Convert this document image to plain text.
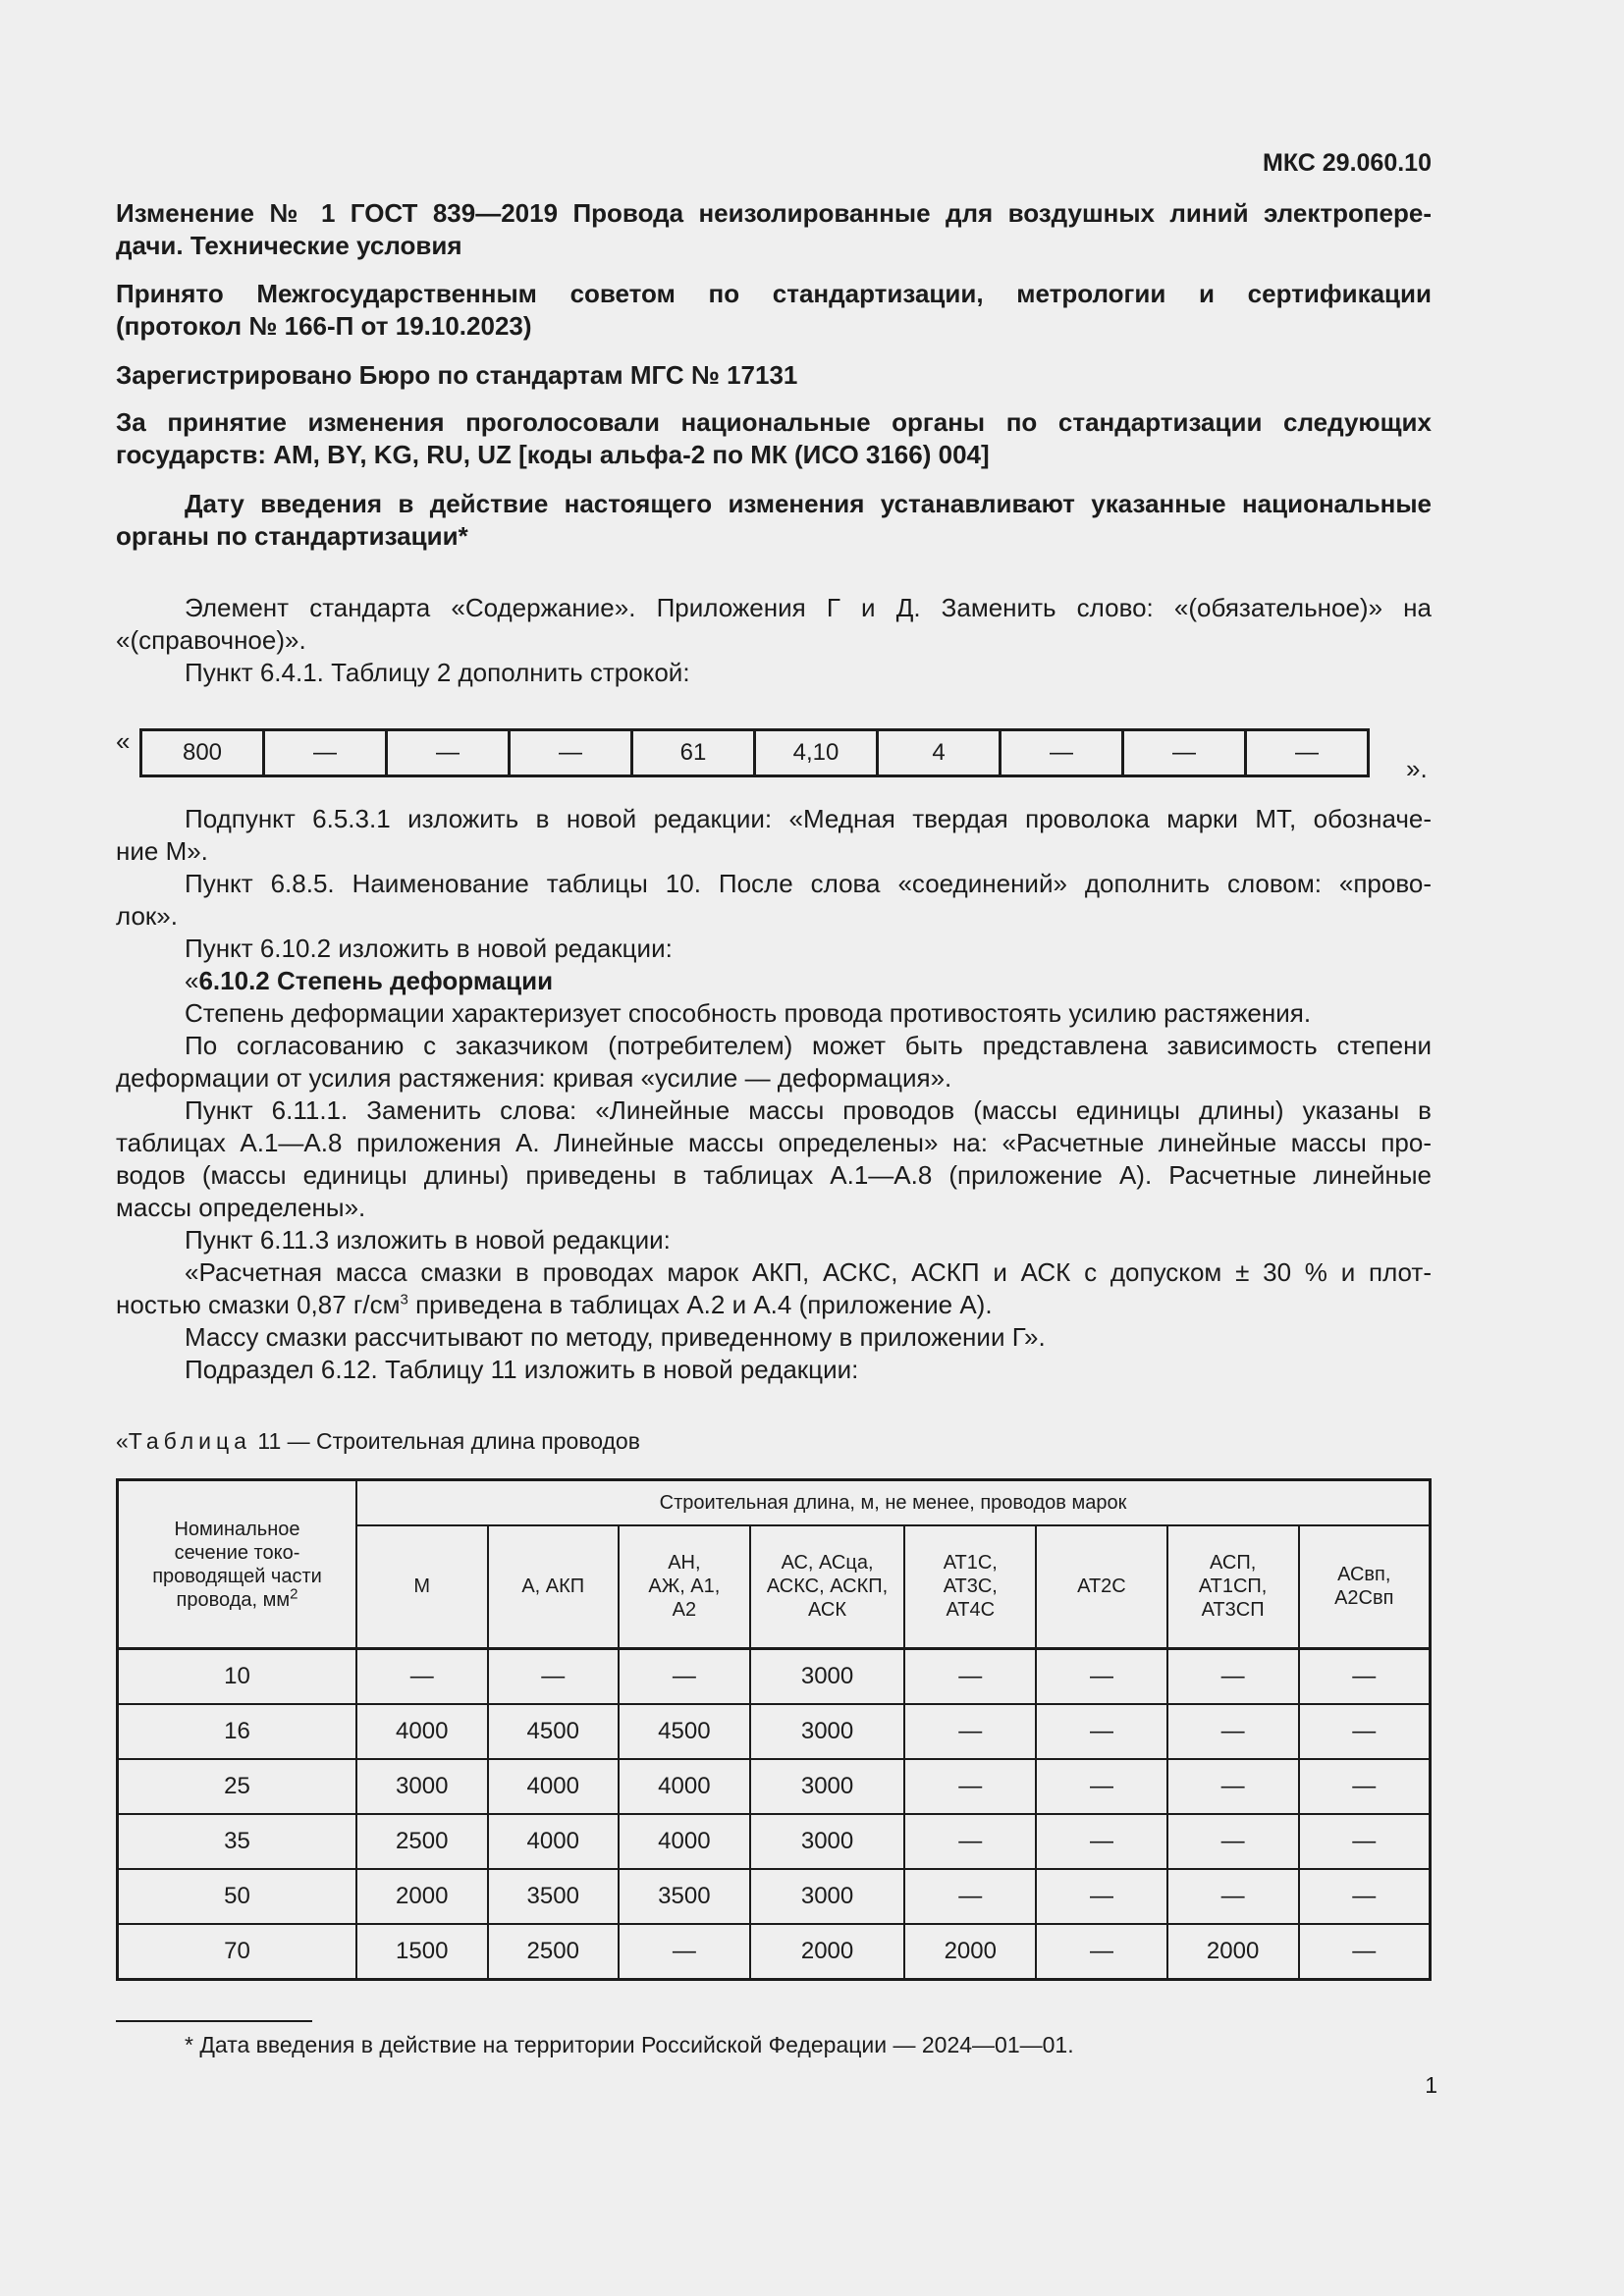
МКС 29.060.10
Изменение № 1 ГОСТ 839—2019 Провода неизолированные для воздушных линий электропере-
дачи. Технические условия
Принято Межгосударственным советом по стандартизации, метрологии и сертификации
(протокол № 166-П от 19.10.2023)
Зарегистрировано Бюро по стандартам МГС № 17131
За принятие изменения проголосовали национальные органы по стандартизации следующих
государств: AM, BY, KG, RU, UZ [коды альфа-2 по МК (ИСО 3166) 004]
Дату введения в действие настоящего изменения устанавливают указанные национальные
органы по стандартизации*

Элемент стандарта «Содержание». Приложения Г и Д. Заменить слово: «(обязательное)» на

«(справочное)».

Пункт 6.4.1. Таблицу 2 дополнить строкой:

« 800	—	—	—	61	4,10	4	—	—	—
».

Подпункт 6.5.3.1 изложить в новой редакции: «Медная твердая проволока марки МТ, обозначе-

ние М».

Пункт 6.8.5. Наименование таблицы 10. После слова «соединений» дополнить словом: «прово-

лок».

Пункт 6.10.2 изложить в новой редакции:

«6.10.2 Степень деформации

Степень деформации характеризует способность провода противостоять усилию растяжения.

По согласованию с заказчиком (потребителем) может быть представлена зависимость степени

деформации от усилия растяжения: кривая «усилие — деформация».

Пункт 6.11.1. Заменить слова: «Линейные массы проводов (массы единицы длины) указаны в

таблицах А.1—А.8 приложения А. Линейные массы определены» на: «Расчетные линейные массы про-

водов (массы единицы длины) приведены в таблицах А.1—А.8 (приложение А). Расчетные линейные

массы определены».

Пункт 6.11.3 изложить в новой редакции:

«Расчетная масса смазки в проводах марок АКП, АСКС, АСКП и АСК с допуском ± 30 % и плот-

ностью смазки 0,87 $г/см^3$ приведена в таблицах А.2 и А.4 (приложение А).

Массу смазки рассчитывают по методу, приведенному в приложении Г».

Подраздел 6.12. Таблицу 11 изложить в новой редакции:

«Таблица 11 — Строительная длина проводов
Номинальное сечение токо-проводящей части провода, $мм^2$	Строительная длина, м, не менее, проводов марок							
	М	А, АКП	АН, АЖ, А1, А2	АС, АСца, АСКС, АСКП, АСК	АТ1С, АТ3С, АТ4С	АТ2С	АСП, АТ1СП, АТ3СП	АСвп, А2Свп
10	—	—	—	3000	—	—	—	—
16	4000	4500	4500	3000	—	—	—	—
25	3000	4000	4000	3000	—	—	—	—
35	2500	4000	4000	3000	—	—	—	—
50	2000	3500	3500	3000	—	—	—	—
70	1500	2500	—	2000	2000	—	2000	—
* Дата введения в действие на территории Российской Федерации — 2024—01—01.
1
